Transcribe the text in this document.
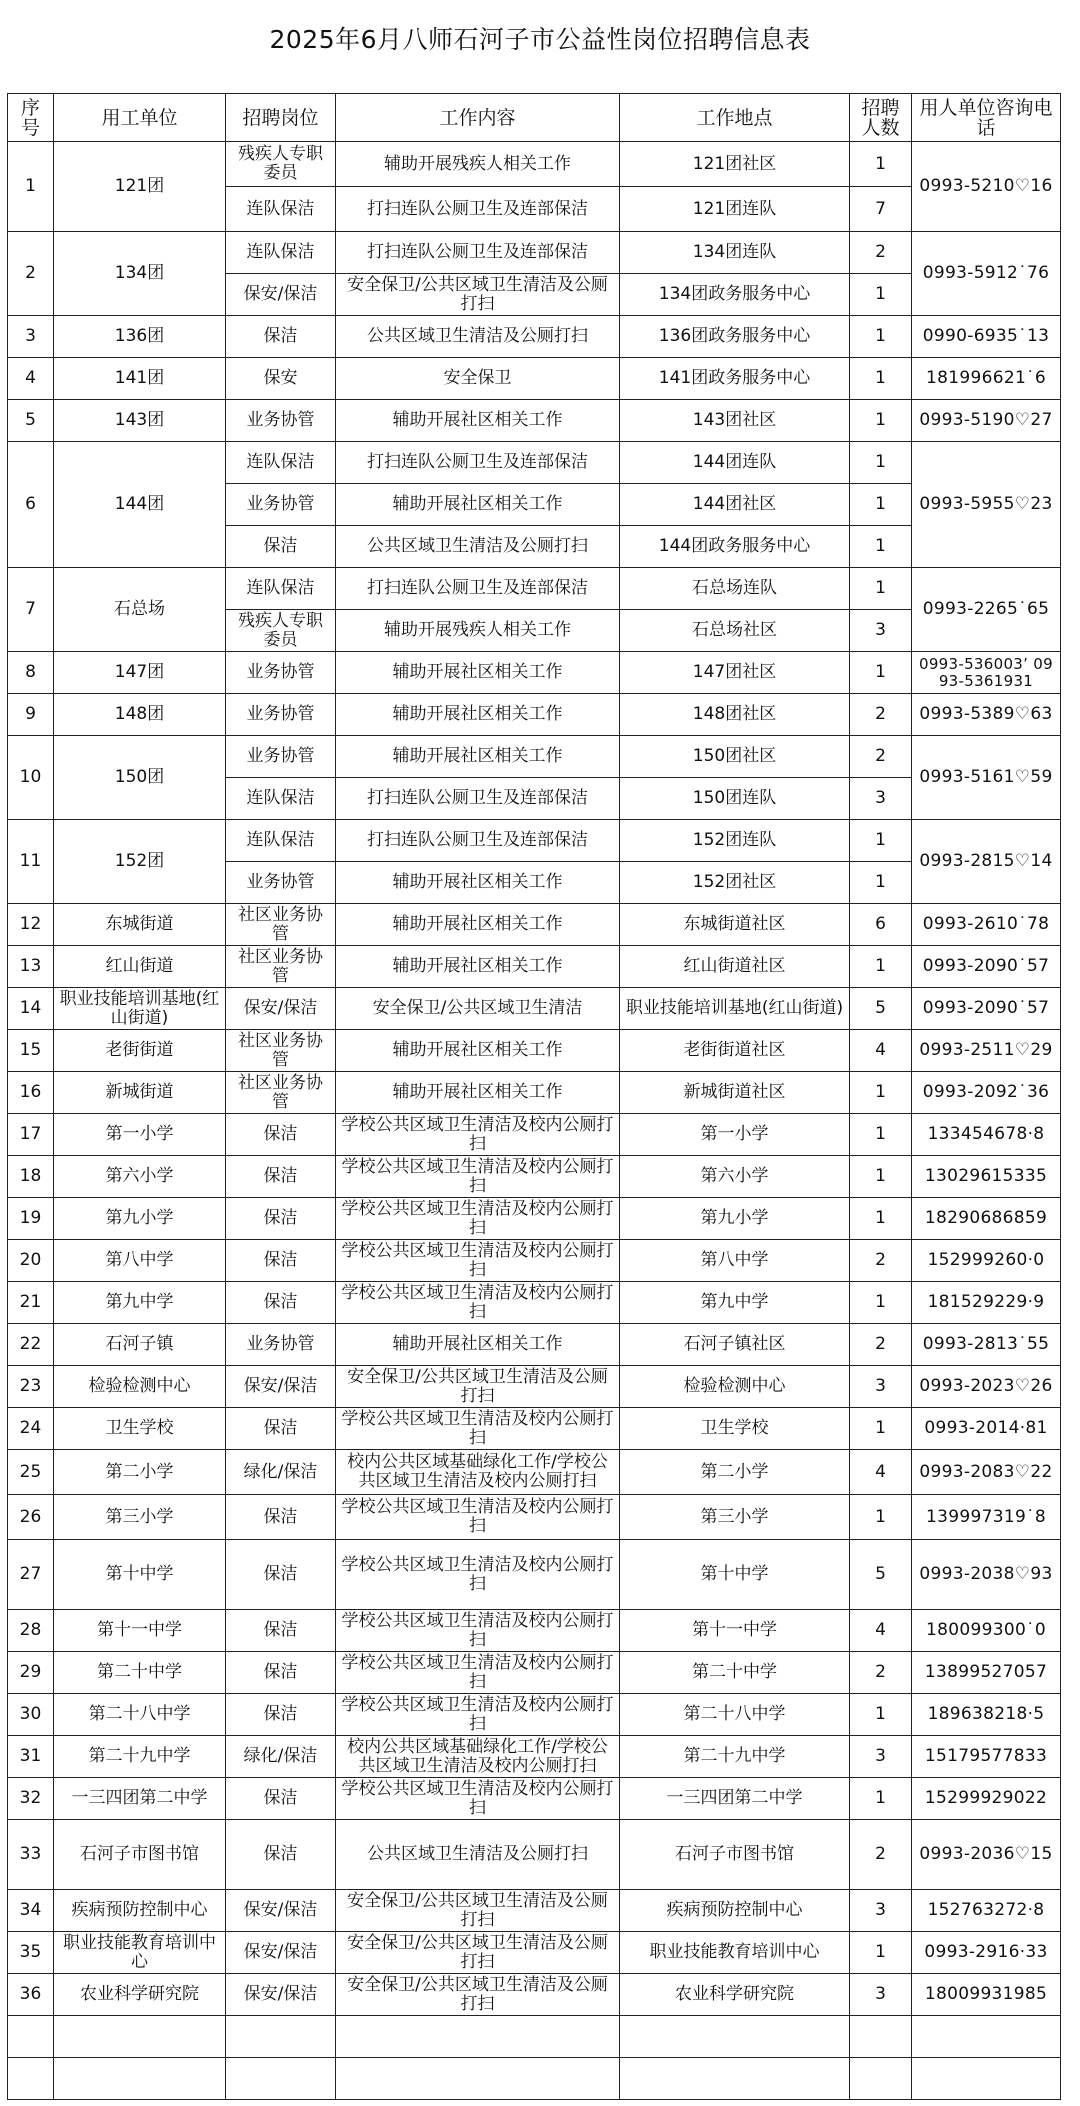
2025年6月八师石河子市公益性岗位招聘信息表
序号	用工单位	招聘岗位	工作内容	工作地点	招聘人数	用人单位咨询电话
1	121团	残疾人专职委员	辅助开展残疾人相关工作	121团社区	1	0993-5210♡16
		连队保洁	打扫连队公厕卫生及连部保洁	121团连队	7	
2	134团	连队保洁	打扫连队公厕卫生及连部保洁	134团连队	2	0993-5912˙76
		保安/保洁	安全保卫/公共区域卫生清洁及公厕打扫	134团政务服务中心	1	
3	136团	保洁	公共区域卫生清洁及公厕打扫	136团政务服务中心	1	0990-6935˙13
4	141团	保安	安全保卫	141团政务服务中心	1	181996621˙6
5	143团	业务协管	辅助开展社区相关工作	143团社区	1	0993-5190♡27
6	144团	连队保洁	打扫连队公厕卫生及连部保洁	144团连队	1	0993-5955♡23
		业务协管	辅助开展社区相关工作	144团社区	1	
		保洁	公共区域卫生清洁及公厕打扫	144团政务服务中心	1	
7	石总场	连队保洁	打扫连队公厕卫生及连部保洁	石总场连队	1	0993-2265˙65
		残疾人专职委员	辅助开展残疾人相关工作	石总场社区	3	
8	147团	业务协管	辅助开展社区相关工作	147团社区	1	0993-536003’ 0993-5361931
9	148团	业务协管	辅助开展社区相关工作	148团社区	2	0993-5389♡63
10	150团	业务协管	辅助开展社区相关工作	150团社区	2	0993-5161♡59
		连队保洁	打扫连队公厕卫生及连部保洁	150团连队	3	
11	152团	连队保洁	打扫连队公厕卫生及连部保洁	152团连队	1	0993-2815♡14
		业务协管	辅助开展社区相关工作	152团社区	1	
12	东城街道	社区业务协管	辅助开展社区相关工作	东城街道社区	6	0993-2610˙78
13	红山街道	社区业务协管	辅助开展社区相关工作	红山街道社区	1	0993-2090˙57
14	职业技能培训基地(红山街道)	保安/保洁	安全保卫/公共区域卫生清洁	职业技能培训基地(红山街道)	5	0993-2090˙57
15	老街街道	社区业务协管	辅助开展社区相关工作	老街街道社区	4	0993-2511♡29
16	新城街道	社区业务协管	辅助开展社区相关工作	新城街道社区	1	0993-2092˙36
17	第一小学	保洁	学校公共区域卫生清洁及校内公厕打扫	第一小学	1	133454678⋅8
18	第六小学	保洁	学校公共区域卫生清洁及校内公厕打扫	第六小学	1	13029615335
19	第九小学	保洁	学校公共区域卫生清洁及校内公厕打扫	第九小学	1	18290686859
20	第八中学	保洁	学校公共区域卫生清洁及校内公厕打扫	第八中学	2	152999260⋅0
21	第九中学	保洁	学校公共区域卫生清洁及校内公厕打扫	第九中学	1	181529229⋅9
22	石河子镇	业务协管	辅助开展社区相关工作	石河子镇社区	2	0993-2813˙55
23	检验检测中心	保安/保洁	安全保卫/公共区域卫生清洁及公厕打扫	检验检测中心	3	0993-2023♡26
24	卫生学校	保洁	学校公共区域卫生清洁及校内公厕打扫	卫生学校	1	0993-2014⋅81
25	第二小学	绿化/保洁	校内公共区域基础绿化工作/学校公共区域卫生清洁及校内公厕打扫	第二小学	4	0993-2083♡22
26	第三小学	保洁	学校公共区域卫生清洁及校内公厕打扫	第三小学	1	139997319˙8
27	第十中学	保洁	学校公共区域卫生清洁及校内公厕打扫	第十中学	5	0993-2038♡93
28	第十一中学	保洁	学校公共区域卫生清洁及校内公厕打扫	第十一中学	4	180099300˙0
29	第二十中学	保洁	学校公共区域卫生清洁及校内公厕打扫	第二十中学	2	13899527057
30	第二十八中学	保洁	学校公共区域卫生清洁及校内公厕打扫	第二十八中学	1	189638218⋅5
31	第二十九中学	绿化/保洁	校内公共区域基础绿化工作/学校公共区域卫生清洁及校内公厕打扫	第二十九中学	3	15179577833
32	一三四团第二中学	保洁	学校公共区域卫生清洁及校内公厕打扫	一三四团第二中学	1	15299929022
33	石河子市图书馆	保洁	公共区域卫生清洁及公厕打扫	石河子市图书馆	2	0993-2036♡15
34	疾病预防控制中心	保安/保洁	安全保卫/公共区域卫生清洁及公厕打扫	疾病预防控制中心	3	152763272⋅8
35	职业技能教育培训中心	保安/保洁	安全保卫/公共区域卫生清洁及公厕打扫	职业技能教育培训中心	1	0993-2916⋅33
36	农业科学研究院	保安/保洁	安全保卫/公共区域卫生清洁及公厕打扫	农业科学研究院	3	18009931985
